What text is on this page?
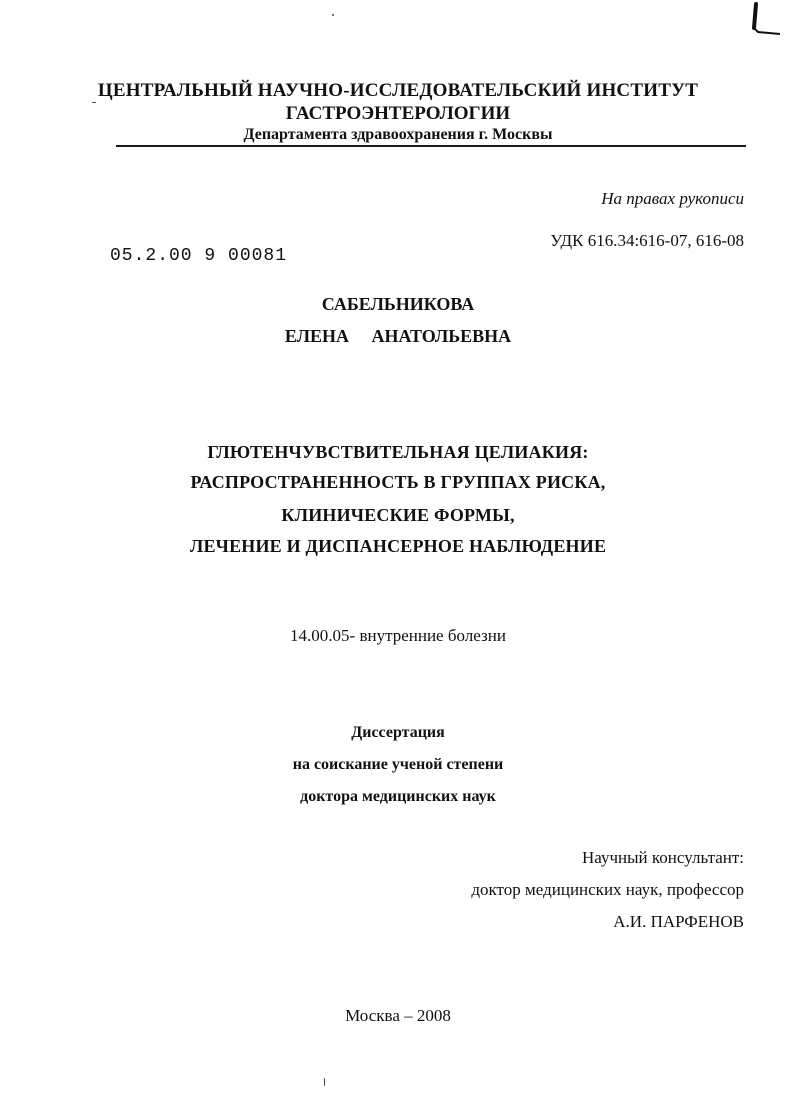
ЦЕНТРАЛЬНЫЙ НАУЧНО-ИССЛЕДОВАТЕЛЬСКИЙ ИНСТИТУТ
ГАСТРОЭНТЕРОЛОГИИ
Департамента здравоохранения г. Москвы
На правах рукописи
УДК 616.34:616-07, 616-08
05.2.00 9 00081
САБЕЛЬНИКОВА
ЕЛЕНА АНАТОЛЬЕВНА
ГЛЮТЕНЧУВСТВИТЕЛЬНАЯ ЦЕЛИАКИЯ:
РАСПРОСТРАНЕННОСТЬ В ГРУППАХ РИСКА,
КЛИНИЧЕСКИЕ ФОРМЫ,
ЛЕЧЕНИЕ И ДИСПАНСЕРНОЕ НАБЛЮДЕНИЕ
14.00.05- внутренние болезни
Диссертация
на соискание ученой степени
доктора медицинских наук
Научный консультант:
доктор медицинских наук, профессор
А.И. ПАРФЕНОВ
Москва – 2008
